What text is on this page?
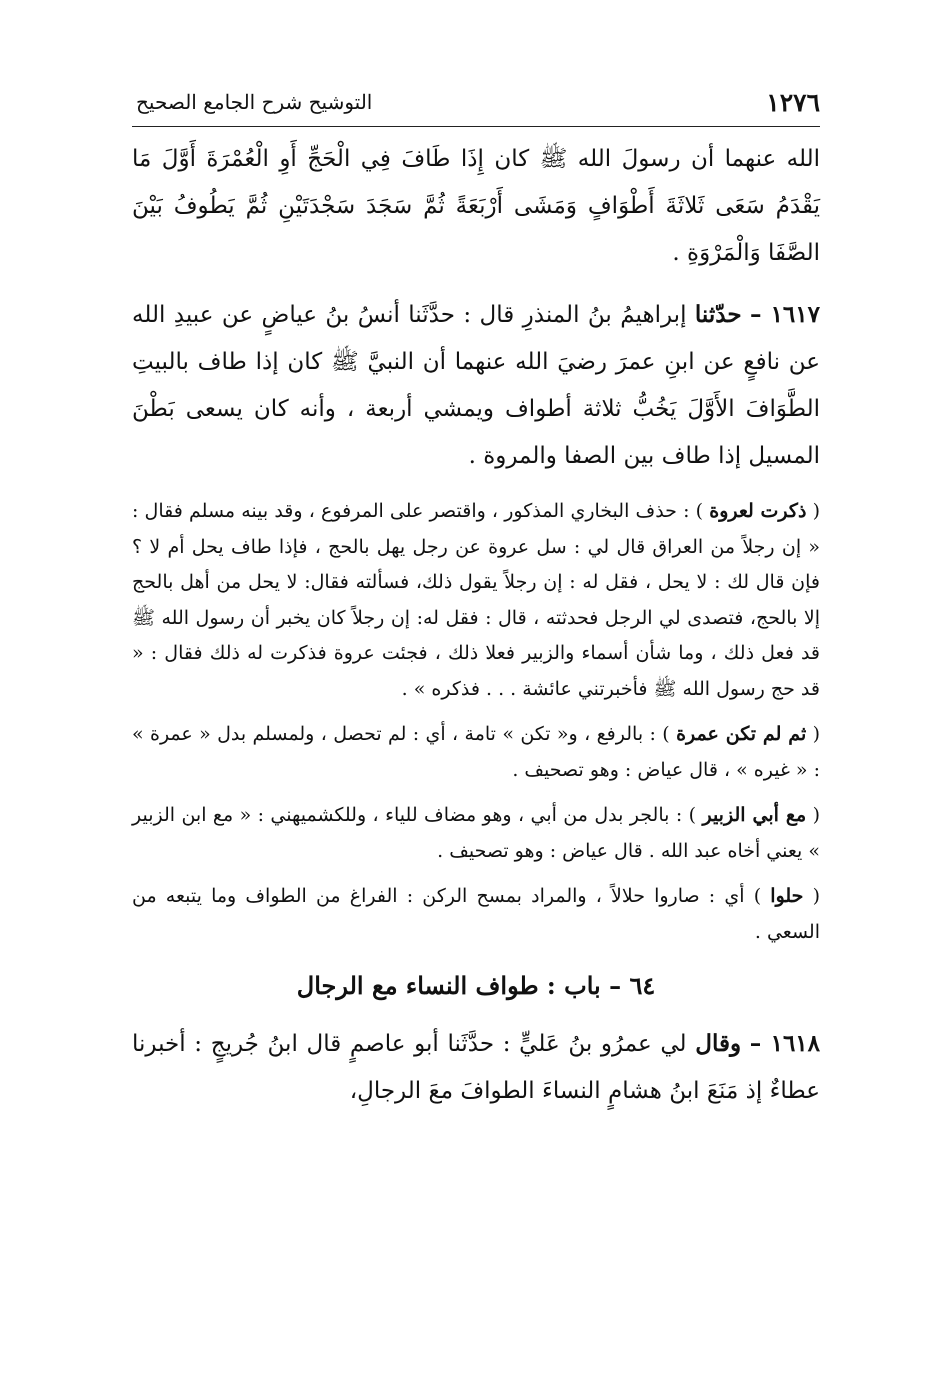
١٢٧٦
التوشيح شرح الجامع الصحيح

الله عنهما أن رسولَ الله ﷺ كان إِذَا طَافَ فِي الْحَجِّ أَوِ الْعُمْرَةَ أَوَّلَ مَا يَقْدَمُ سَعَى ثَلاثَةَ أَطْوَافٍ وَمَشَى أَرْبَعَةً ثُمَّ سَجَدَ سَجْدَتَيْنِ ثُمَّ يَطُوفُ بَيْنَ الصَّفَا وَالْمَرْوَةِ .

١٦١٧ – حدّثنا إبراهيمُ بنُ المنذرِ قال : حدَّثَنا أنسُ بنُ عياضٍ عن عبيدِ الله عن نافعٍ عن ابنِ عمرَ رضيَ الله عنهما أن النبيَّ ﷺ كان إذا طاف بالبيتِ الطَّوَافَ الأَوَّلَ يَخُبُّ ثلاثة أطواف ويمشي أربعة ، وأنه كان يسعى بَطْنَ المسيل إذا طاف بين الصفا والمروة .

( ذكرت لعروة ) : حذف البخاري المذكور ، واقتصر على المرفوع ، وقد بينه مسلم فقال : « إن رجلاً من العراق قال لي : سل عروة عن رجل يهل بالحج ، فإذا طاف يحل أم لا ؟ فإن قال لك : لا يحل ، فقل له : إن رجلاً يقول ذلك، فسألته فقال: لا يحل من أهل بالحج إلا بالحج، فتصدى لي الرجل فحدثته ، قال : فقل له: إن رجلاً كان يخبر أن رسول الله ﷺ قد فعل ذلك ، وما شأن أسماء والزبير فعلا ذلك ، فجئت عروة فذكرت له ذلك فقال : « قد حج رسول الله ﷺ فأخبرتني عائشة . . . فذكره » .

( ثم لم تكن عمرة ) : بالرفع ، و« تكن » تامة ، أي : لم تحصل ، ولمسلم بدل « عمرة » : « غيره » ، قال عياض : وهو تصحيف .

( مع أبي الزبير ) : بالجر بدل من أبي ، وهو مضاف للياء ، وللكشميهني : « مع ابن الزبير » يعني أخاه عبد الله . قال عياض : وهو تصحيف .

( حلوا ) أي : صاروا حلالاً ، والمراد بمسح الركن : الفراغ من الطواف وما يتبعه من السعي .

٦٤ – باب : طواف النساء مع الرجال

١٦١٨ – وقال لي عمرُو بنُ عَليٍّ : حدَّثَنا أبو عاصمٍ قال ابنُ جُريجٍ : أخبرنا عطاءٌ إذ مَنَعَ ابنُ هشامٍ النساءَ الطوافَ معَ الرجالِ،
